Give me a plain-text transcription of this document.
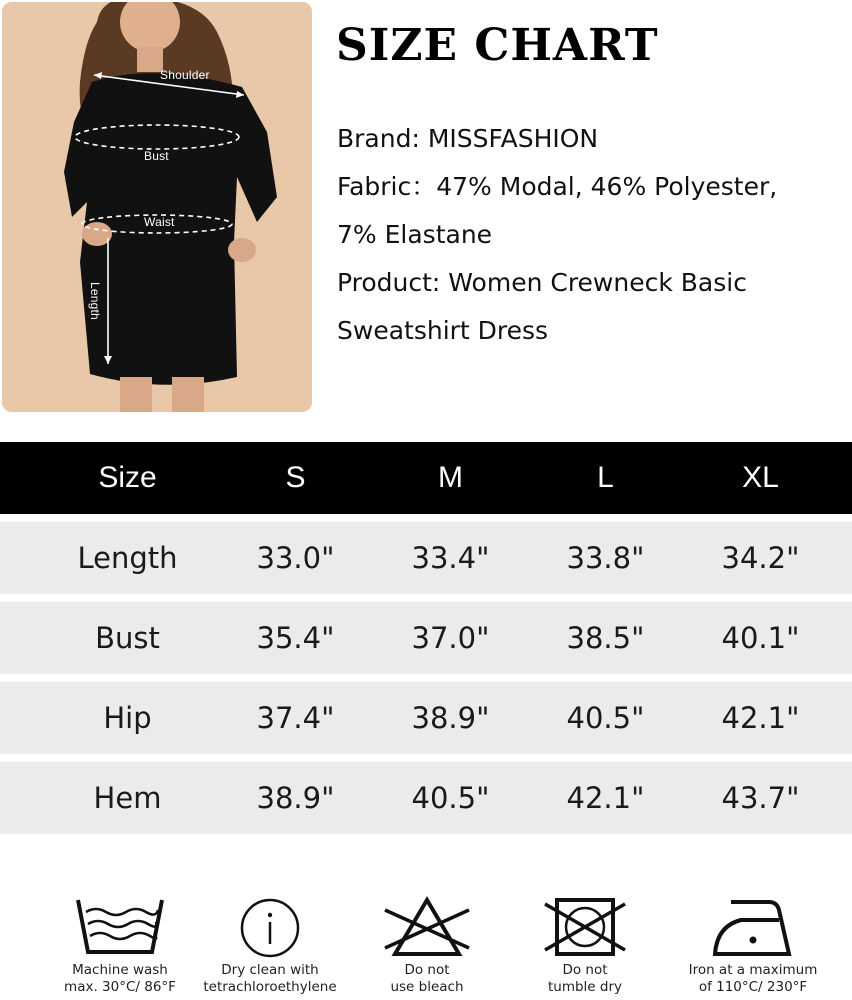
Shoulder
Bust
Waist
Length
SIZE CHART
Brand: MISSFASHION
Fabric：47% Modal, 46% Polyester,
7% Elastane
Product: Women Crewneck Basic
Sweatshirt Dress
Size	S	M	L	XL
Length	33.0"	33.4"	33.8"	34.2"
Bust	35.4"	37.0"	38.5"	40.1"
Hip	37.4"	38.9"	40.5"	42.1"
Hem	38.9"	40.5"	42.1"	43.7"
Machine wash
max. 30°C/ 86°F
Dry clean with
tetrachloroethylene
Do not
use bleach
Do not
tumble dry
Iron at a maximum
of 110°C/ 230°F
